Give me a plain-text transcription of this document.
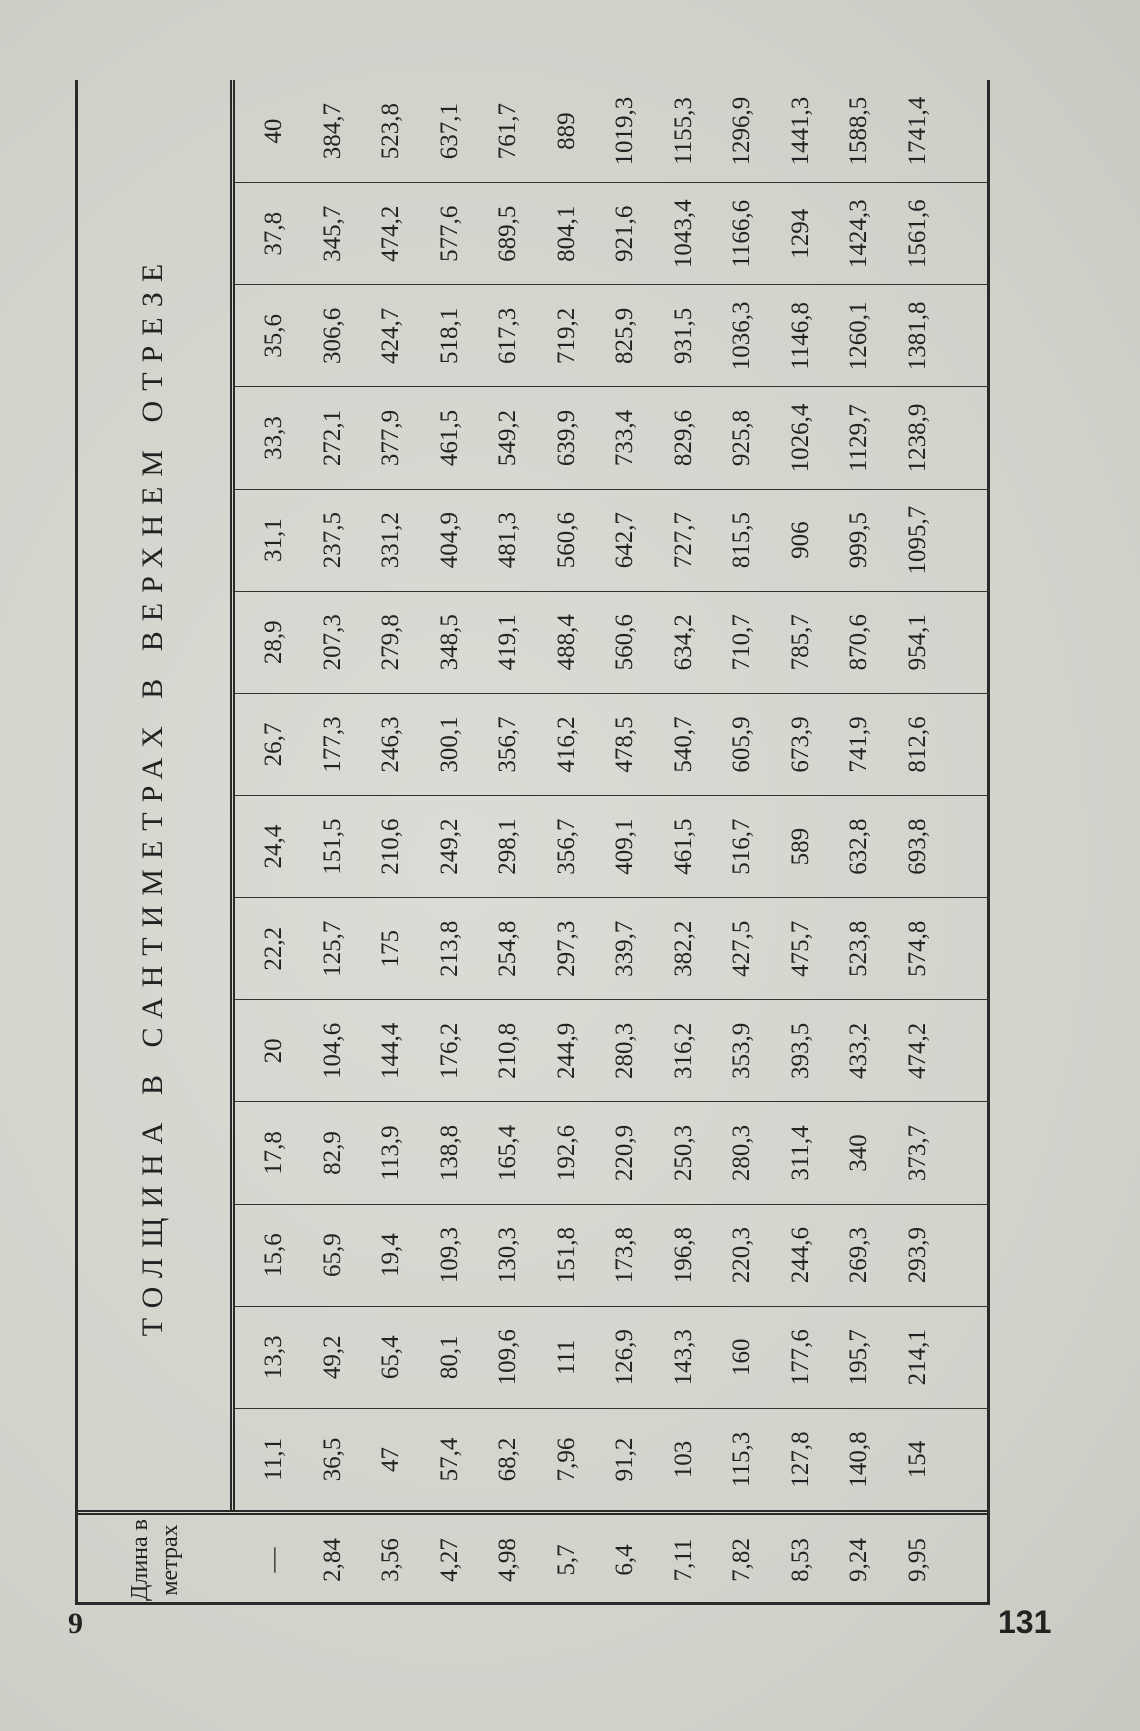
Длина в метрах
ТОЛЩИНА В САНТИМЕТРАХ В ВЕРХНЕМ ОТРЕЗЕ
—	2,84	3,56	4,27	4,98	5,7	6,4	7,11	7,82	8,53	9,24	9,95
11,1	36,5	47	57,4	68,2	7,96	91,2	103	115,3	127,8	140,8	154
13,3	49,2	65,4	80,1	109,6	111	126,9	143,3	160	177,6	195,7	214,1
15,6	65,9	19,4	109,3	130,3	151,8	173,8	196,8	220,3	244,6	269,3	293,9
17,8	82,9	113,9	138,8	165,4	192,6	220,9	250,3	280,3	311,4	340	373,7
20	104,6	144,4	176,2	210,8	244,9	280,3	316,2	353,9	393,5	433,2	474,2
22,2	125,7	175	213,8	254,8	297,3	339,7	382,2	427,5	475,7	523,8	574,8
24,4	151,5	210,6	249,2	298,1	356,7	409,1	461,5	516,7	589	632,8	693,8
26,7	177,3	246,3	300,1	356,7	416,2	478,5	540,7	605,9	673,9	741,9	812,6
28,9	207,3	279,8	348,5	419,1	488,4	560,6	634,2	710,7	785,7	870,6	954,1
31,1	237,5	331,2	404,9	481,3	560,6	642,7	727,7	815,5	906	999,5	1095,7
33,3	272,1	377,9	461,5	549,2	639,9	733,4	829,6	925,8	1026,4	1129,7	1238,9
35,6	306,6	424,7	518,1	617,3	719,2	825,9	931,5	1036,3	1146,8	1260,1	1381,8
37,8	345,7	474,2	577,6	689,5	804,1	921,6	1043,4	1166,6	1294	1424,3	1561,6
40	384,7	523,8	637,1	761,7	889	1019,3	1155,3	1296,9	1441,3	1588,5	1741,4
9	131
